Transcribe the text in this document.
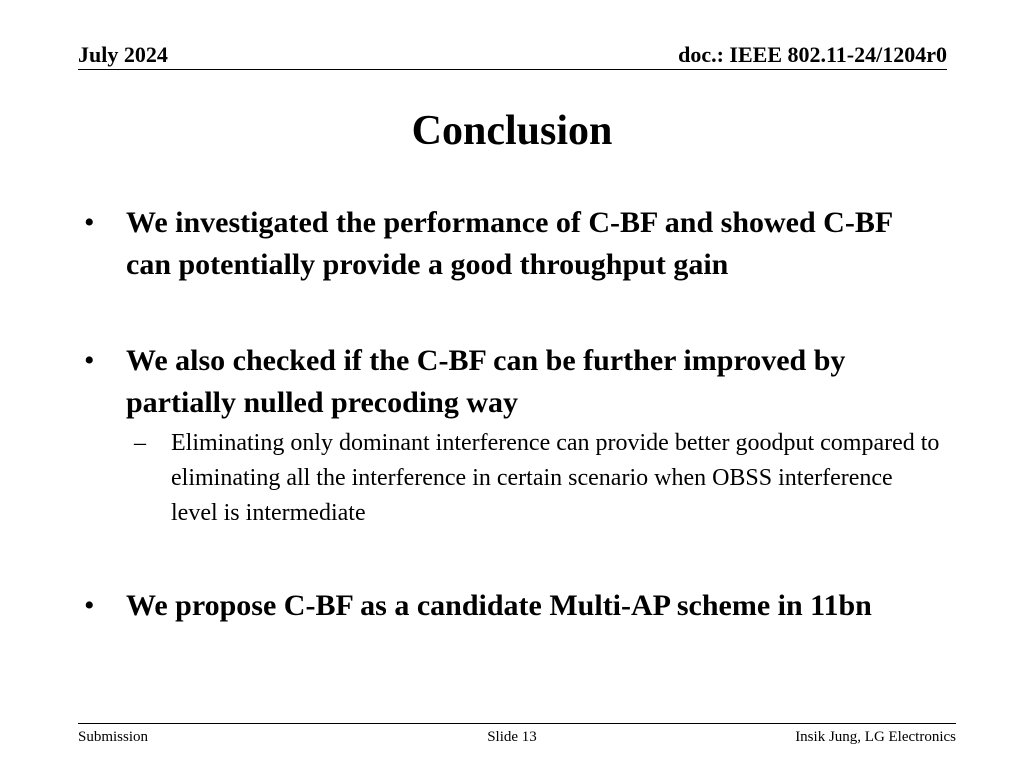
July 2024	doc.: IEEE 802.11-24/1204r0
Conclusion
• We investigated the performance of C-BF and showed C-BF can potentially provide a good throughput gain
• We also checked if the C-BF can be further improved by partially nulled precoding way
– Eliminating only dominant interference can provide better goodput compared to eliminating all the interference in certain scenario when OBSS interference level is intermediate
• We propose C-BF as a candidate Multi-AP scheme in 11bn
Submission	Slide 13	Insik Jung, LG Electronics
